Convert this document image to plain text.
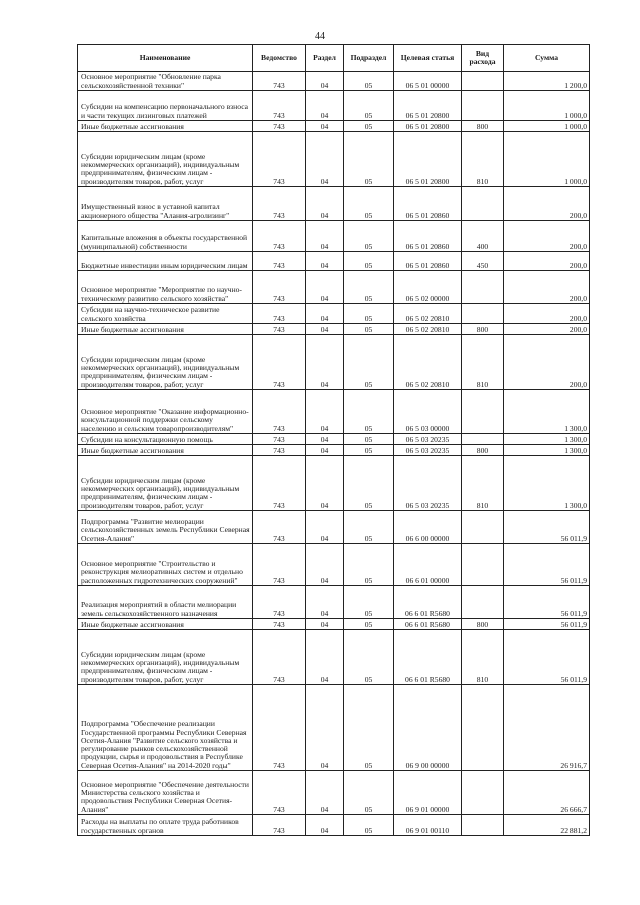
44
Наименование	Ведомство	Раздел	Подраздел	Целевая статья	Вид расхода	Сумма
Основное мероприятие "Обновление парка сельскохозяйственной техники"	743	04	05	06 5 01 00000		1 200,0
Субсидии на компенсацию первоначального взноса и части текущих лизинговых платежей	743	04	05	06 5 01 20800		1 000,0
Иные бюджетные ассигнования	743	04	05	06 5 01 20800	800	1 000,0
Субсидии юридическим лицам (кроме некоммерческих организаций), индивидуальным предпринимателям, физическим лицам - производителям товаров, работ, услуг	743	04	05	06 5 01 20800	810	1 000,0
Имущественный взнос в уставной капитал акционерного общества "Алания-агролизинг"	743	04	05	06 5 01 20860		200,0
Капитальные вложения в объекты государственной (муниципальной) собственности	743	04	05	06 5 01 20860	400	200,0
Бюджетные инвестиции иным юридическим лицам	743	04	05	06 5 01 20860	450	200,0
Основное мероприятие "Мероприятие по научно-техническому развитию сельского хозяйства"	743	04	05	06 5 02 00000		200,0
Субсидии на научно-техническое развитие сельского хозяйства	743	04	05	06 5 02 20810		200,0
Иные бюджетные ассигнования	743	04	05	06 5 02 20810	800	200,0
Субсидии юридическим лицам (кроме некоммерческих организаций), индивидуальным предпринимателям, физическим лицам - производителям товаров, работ, услуг	743	04	05	06 5 02 20810	810	200,0
Основное мероприятие "Оказание информационно-консультационной поддержки сельскому населению и сельским товаропроизводителям"	743	04	05	06 5 03 00000		1 300,0
Субсидии на консультационную помощь	743	04	05	06 5 03 20235		1 300,0
Иные бюджетные ассигнования	743	04	05	06 5 03 20235	800	1 300,0
Субсидии юридическим лицам (кроме некоммерческих организаций), индивидуальным предпринимателям, физическим лицам - производителям товаров, работ, услуг	743	04	05	06 5 03 20235	810	1 300,0
Подпрограмма "Развитие мелиорации сельскохозяйственных земель Республики Северная Осетия-Алания"	743	04	05	06 6 00 00000		56 011,9
Основное мероприятие "Строительство и реконструкция мелиоративных систем и отдельно расположенных гидротехнических сооружений"	743	04	05	06 6 01 00000		56 011,9
Реализация мероприятий в области мелиорации земель сельскохозяйственного назначения	743	04	05	06 6 01 R5680		56 011,9
Иные бюджетные ассигнования	743	04	05	06 6 01 R5680	800	56 011,9
Субсидии юридическим лицам (кроме некоммерческих организаций), индивидуальным предпринимателям, физическим лицам - производителям товаров, работ, услуг	743	04	05	06 6 01 R5680	810	56 011,9
Подпрограмма "Обеспечение реализации Государственной программы Республики Северная Осетия-Алания "Развитие сельского хозяйства и регулирование рынков сельскохозяйственной продукции, сырья и продовольствия в Республике Северная Осетия-Алания" на 2014-2020 годы"	743	04	05	06 9 00 00000		26 916,7
Основное мероприятие "Обеспечение деятельности Министерства сельского хозяйства и продовольствия Республики Северная Осетия-Алания"	743	04	05	06 9 01 00000		26 666,7
Расходы на выплаты по оплате труда работников государственных органов	743	04	05	06 9 01 00110		22 881,2
